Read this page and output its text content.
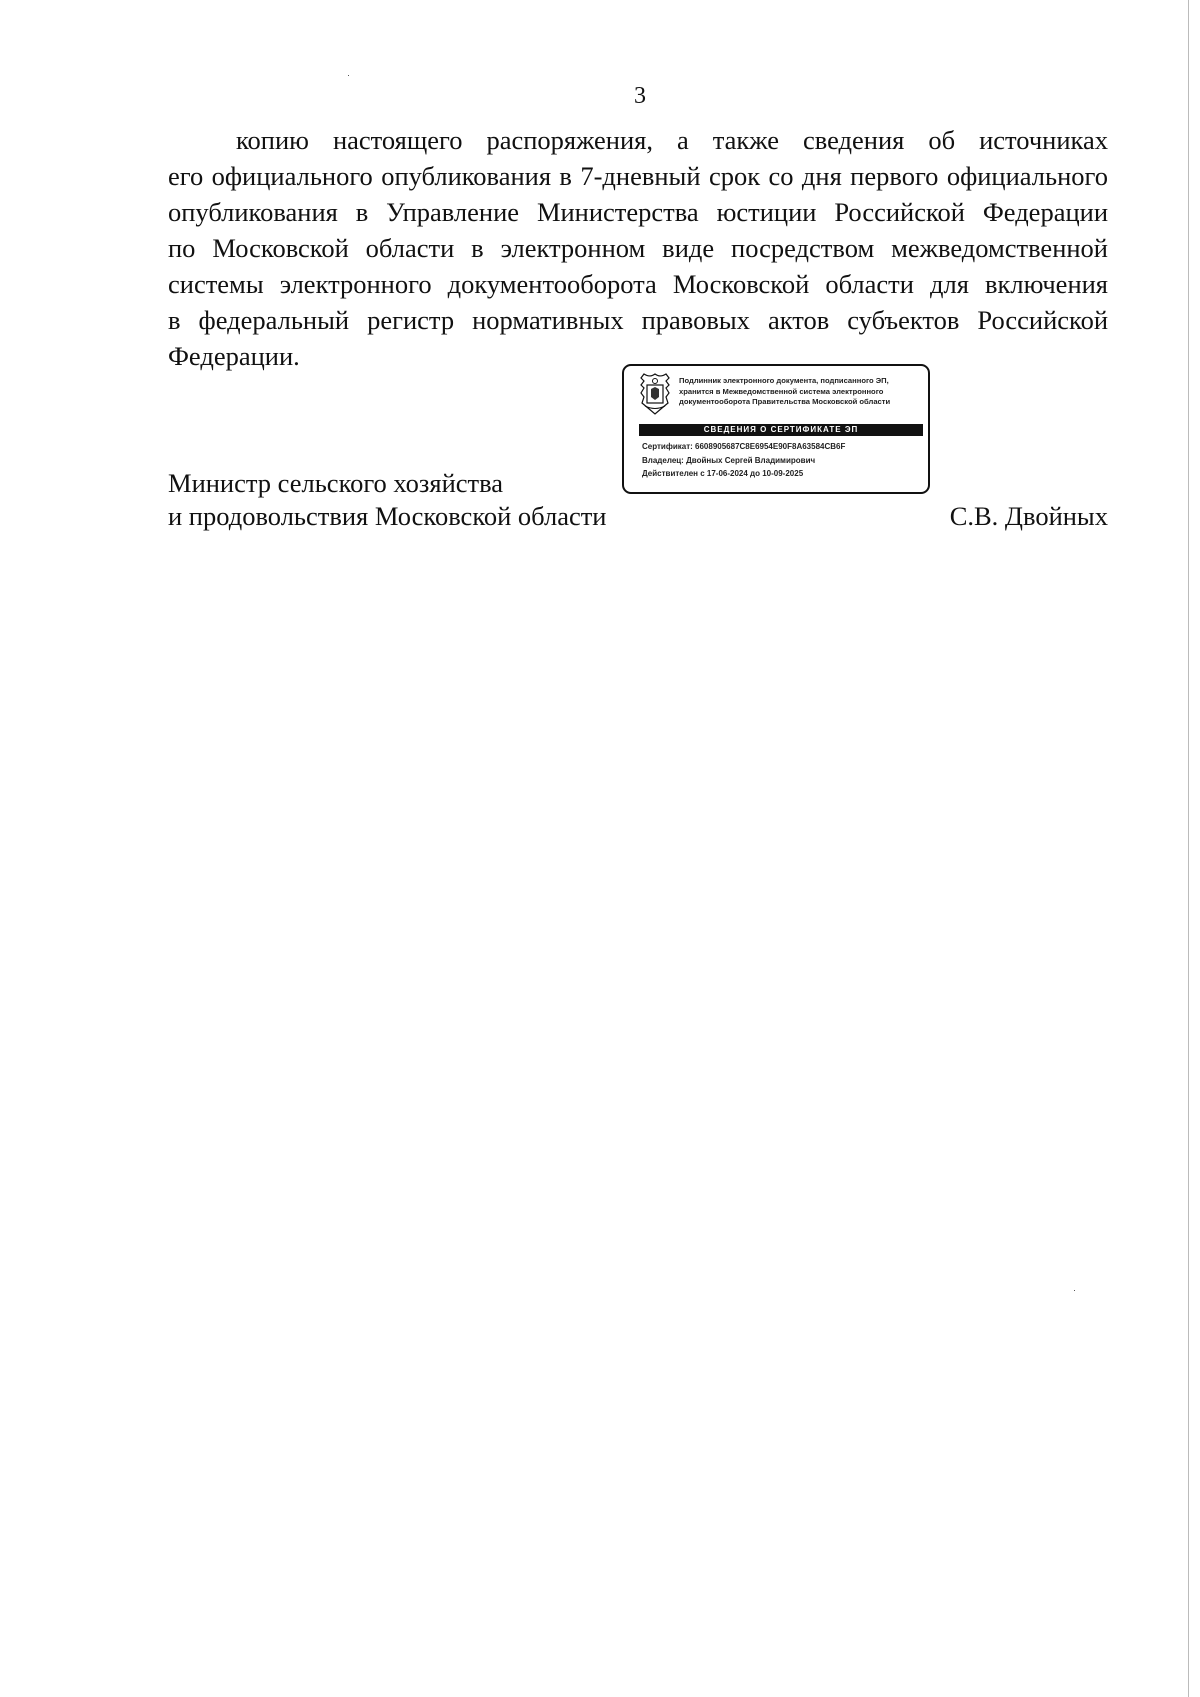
3
копию настоящего распоряжения, а также сведения об источниках
его официального опубликования в 7-дневный срок со дня первого официального
опубликования в Управление Министерства юстиции Российской Федерации
по Московской области в электронном виде посредством межведомственной
системы электронного документооборота Московской области для включения
в федеральный регистр нормативных правовых актов субъектов Российской
Федерации.
Подлинник электронного документа, подписанного ЭП,
хранится в Межведомственной система электронного
документооборота Правительства Московской области
СВЕДЕНИЯ О СЕРТИФИКАТЕ ЭП
Сертификат: 6608905687C8E6954E90F8A63584CB6F
Владелец: Двойных Сергей Владимирович
Действителен с 17-06-2024 до 10-09-2025
Министр сельского хозяйства
и продовольствия Московской области	С.В. Двойных
